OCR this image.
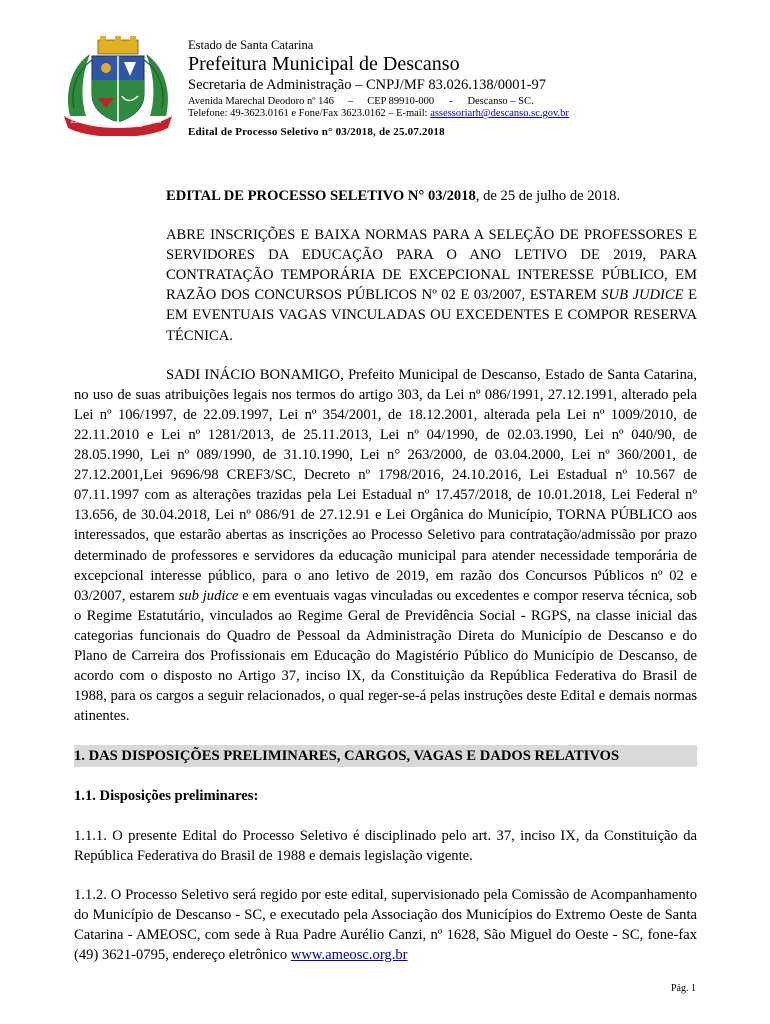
DESCANSO
1956	1959
Estado de Santa Catarina
Prefeitura Municipal de Descanso
Secretaria de Administração – CNPJ/MF 83.026.138/0001-97
Avenida Marechal Deodoro nº 146 – CEP 89910-000 - Descanso – SC.
Telefone: 49-3623.0161 e Fone/Fax 3623.0162 – E-mail: assessoriarh@descanso.sc.gov.br
Edital de Processo Seletivo n° 03/2018, de 25.07.2018
EDITAL DE PROCESSO SELETIVO N° 03/2018, de 25 de julho de 2018.
ABRE INSCRIÇÕES E BAIXA NORMAS PARA A SELEÇÃO DE PROFESSORES E SERVIDORES DA EDUCAÇÃO PARA O ANO LETIVO DE 2019, PARA CONTRATAÇÃO TEMPORÁRIA DE EXCEPCIONAL INTERESSE PÚBLICO, EM RAZÃO DOS CONCURSOS PÚBLICOS Nº 02 E 03/2007, ESTAREM SUB JUDICE E EM EVENTUAIS VAGAS VINCULADAS OU EXCEDENTES E COMPOR RESERVA TÉCNICA.
SADI INÁCIO BONAMIGO, Prefeito Municipal de Descanso, Estado de Santa Catarina, no uso de suas atribuições legais nos termos do artigo 303, da Lei nº 086/1991, 27.12.1991, alterado pela Lei nº 106/1997, de 22.09.1997, Lei nº 354/2001, de 18.12.2001, alterada pela Lei nº 1009/2010, de 22.11.2010 e Lei nº 1281/2013, de 25.11.2013, Lei nº 04/1990, de 02.03.1990, Lei nº 040/90, de 28.05.1990, Lei nº 089/1990, de 31.10.1990, Lei n° 263/2000, de 03.04.2000, Lei nº 360/2001, de 27.12.2001,Lei 9696/98 CREF3/SC, Decreto nº 1798/2016, 24.10.2016, Lei Estadual nº 10.567 de 07.11.1997 com as alterações trazidas pela Lei Estadual nº 17.457/2018, de 10.01.2018, Lei Federal nº 13.656, de 30.04.2018, Lei nº 086/91 de 27.12.91 e Lei Orgânica do Município, TORNA PÚBLICO aos interessados, que estarão abertas as inscrições ao Processo Seletivo para contratação/admissão por prazo determinado de professores e servidores da educação municipal para atender necessidade temporária de excepcional interesse público, para o ano letivo de 2019, em razão dos Concursos Públicos nº 02 e 03/2007, estarem sub judice e em eventuais vagas vinculadas ou excedentes e compor reserva técnica, sob o Regime Estatutário, vinculados ao Regime Geral de Previdência Social - RGPS, na classe inicial das categorias funcionais do Quadro de Pessoal da Administração Direta do Município de Descanso e do Plano de Carreira dos Profissionais em Educação do Magistério Público do Município de Descanso, de acordo com o disposto no Artigo 37, inciso IX, da Constituição da República Federativa do Brasil de 1988, para os cargos a seguir relacionados, o qual reger-se-á pelas instruções deste Edital e demais normas atinentes.
1. DAS DISPOSIÇÕES PRELIMINARES, CARGOS, VAGAS E DADOS RELATIVOS
1.1. Disposições preliminares:
1.1.1. O presente Edital do Processo Seletivo é disciplinado pelo art. 37, inciso IX, da Constituição da República Federativa do Brasil de 1988 e demais legislação vigente.
1.1.2. O Processo Seletivo será regido por este edital, supervisionado pela Comissão de Acompanhamento do Município de Descanso - SC, e executado pela Associação dos Municípios do Extremo Oeste de Santa Catarina - AMEOSC, com sede à Rua Padre Aurélio Canzi, nº 1628, São Miguel do Oeste - SC, fone-fax (49) 3621-0795, endereço eletrônico www.ameosc.org.br
Pág. 1
